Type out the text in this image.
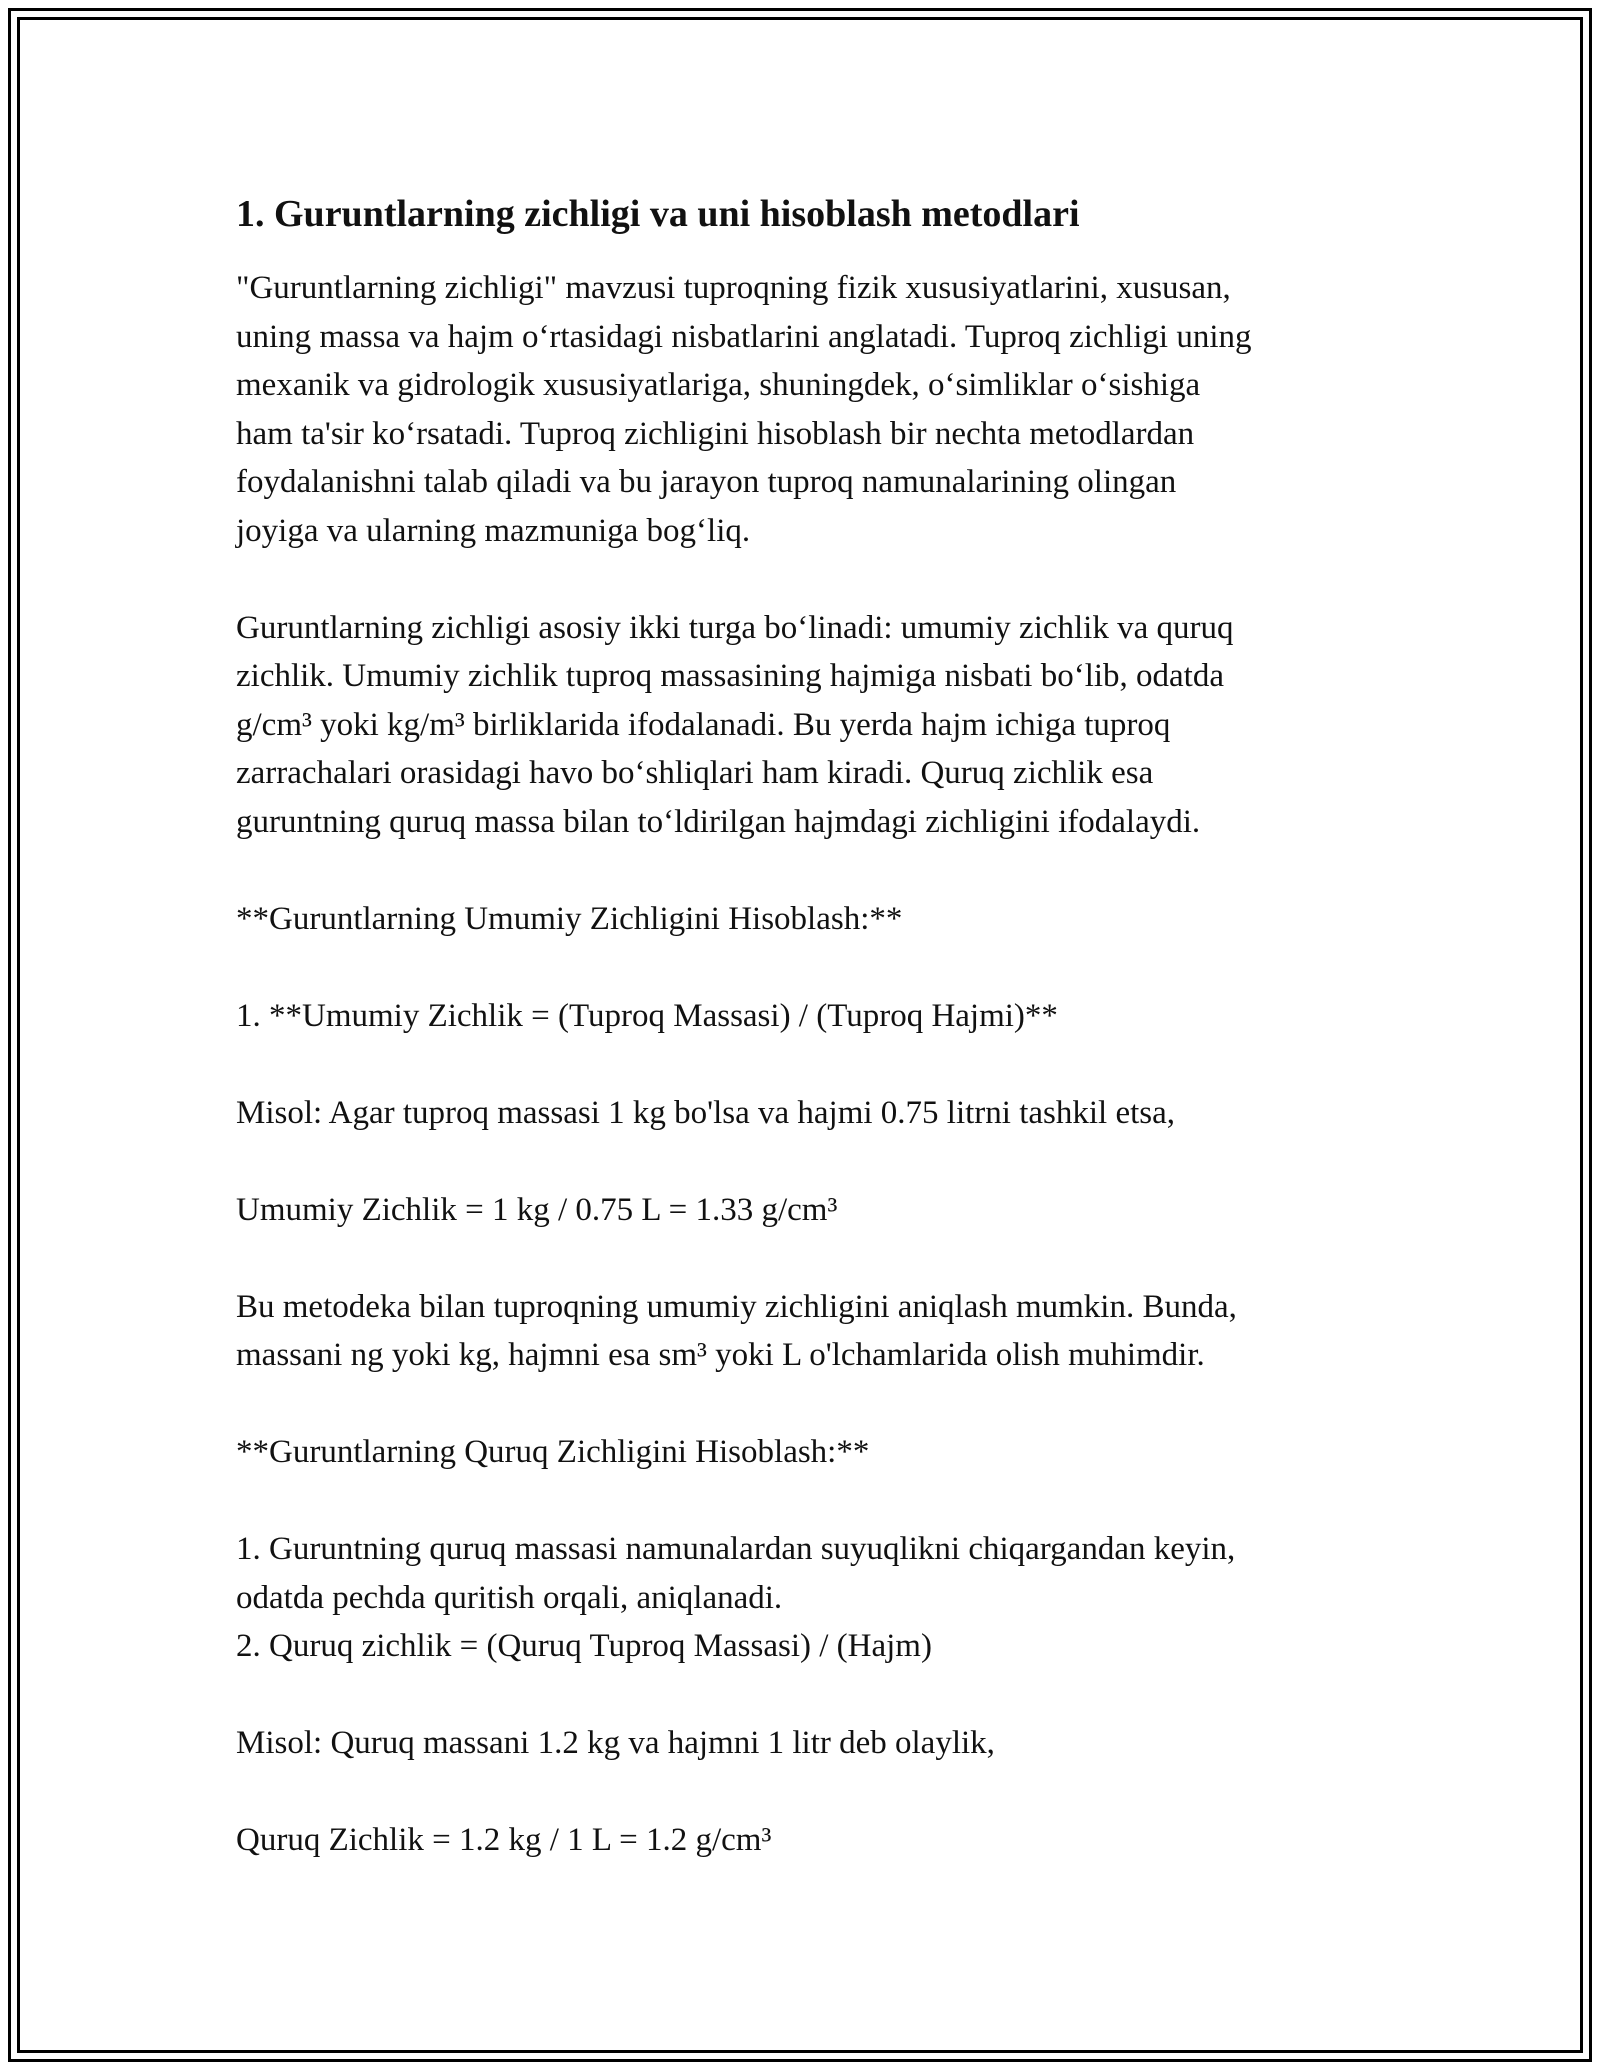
1. Guruntlarning zichligi va uni hisoblash metodlari

"Guruntlarning zichligi" mavzusi tuproqning fizik xususiyatlarini, xususan,
uning massa va hajm o‘rtasidagi nisbatlarini anglatadi. Tuproq zichligi uning
mexanik va gidrologik xususiyatlariga, shuningdek, o‘simliklar o‘sishiga
ham ta'sir ko‘rsatadi. Tuproq zichligini hisoblash bir nechta metodlardan
foydalanishni talab qiladi va bu jarayon tuproq namunalarining olingan
joyiga va ularning mazmuniga bog‘liq.

Guruntlarning zichligi asosiy ikki turga bo‘linadi: umumiy zichlik va quruq
zichlik. Umumiy zichlik tuproq massasining hajmiga nisbati bo‘lib, odatda
g/cm³ yoki kg/m³ birliklarida ifodalanadi. Bu yerda hajm ichiga tuproq
zarrachalari orasidagi havo bo‘shliqlari ham kiradi. Quruq zichlik esa
guruntning quruq massa bilan to‘ldirilgan hajmdagi zichligini ifodalaydi.

**Guruntlarning Umumiy Zichligini Hisoblash:**

1. **Umumiy Zichlik = (Tuproq Massasi) / (Tuproq Hajmi)**

Misol: Agar tuproq massasi 1 kg bo'lsa va hajmi 0.75 litrni tashkil etsa,

Umumiy Zichlik = 1 kg / 0.75 L = 1.33 g/cm³

Bu metodeka bilan tuproqning umumiy zichligini aniqlash mumkin. Bunda,
massani ng yoki kg, hajmni esa sm³ yoki L o'lchamlarida olish muhimdir.

**Guruntlarning Quruq Zichligini Hisoblash:**

1. Guruntning quruq massasi namunalardan suyuqlikni chiqargandan keyin,
odatda pechda quritish orqali, aniqlanadi.
2. Quruq zichlik = (Quruq Tuproq Massasi) / (Hajm)

Misol: Quruq massani 1.2 kg va hajmni 1 litr deb olaylik,

Quruq Zichlik = 1.2 kg / 1 L = 1.2 g/cm³
